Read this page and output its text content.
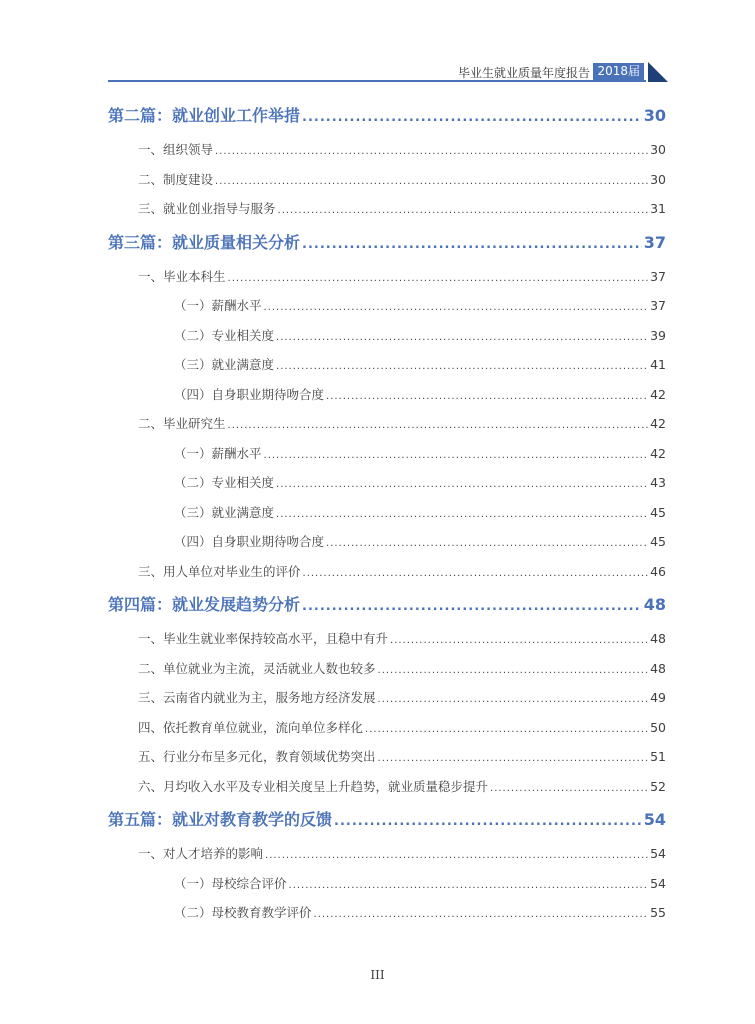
毕业生就业质量年度报告 2018届
第二篇：就业创业工作举措 .....	30
一、组织领导 .....	30
二、制度建设 .....	30
三、就业创业指导与服务 .....	31
第三篇：就业质量相关分析 .....	37
一、毕业本科生 .....	37
（一）薪酬水平 .....	37
（二）专业相关度 .....	39
（三）就业满意度 .....	41
（四）自身职业期待吻合度 .....	42
二、毕业研究生 .....	42
（一）薪酬水平 .....	42
（二）专业相关度 .....	43
（三）就业满意度 .....	45
（四）自身职业期待吻合度 .....	45
三、用人单位对毕业生的评价 .....	46
第四篇：就业发展趋势分析 .....	48
一、毕业生就业率保持较高水平，且稳中有升 .....	48
二、单位就业为主流，灵活就业人数也较多 .....	48
三、云南省内就业为主，服务地方经济发展 .....	49
四、依托教育单位就业，流向单位多样化 .....	50
五、行业分布呈多元化，教育领域优势突出 .....	51
六、月均收入水平及专业相关度呈上升趋势，就业质量稳步提升 .....	52
第五篇：就业对教育教学的反馈 .....	54
一、对人才培养的影响 .....	54
（一）母校综合评价 .....	54
（二）母校教育教学评价 .....	55
III
